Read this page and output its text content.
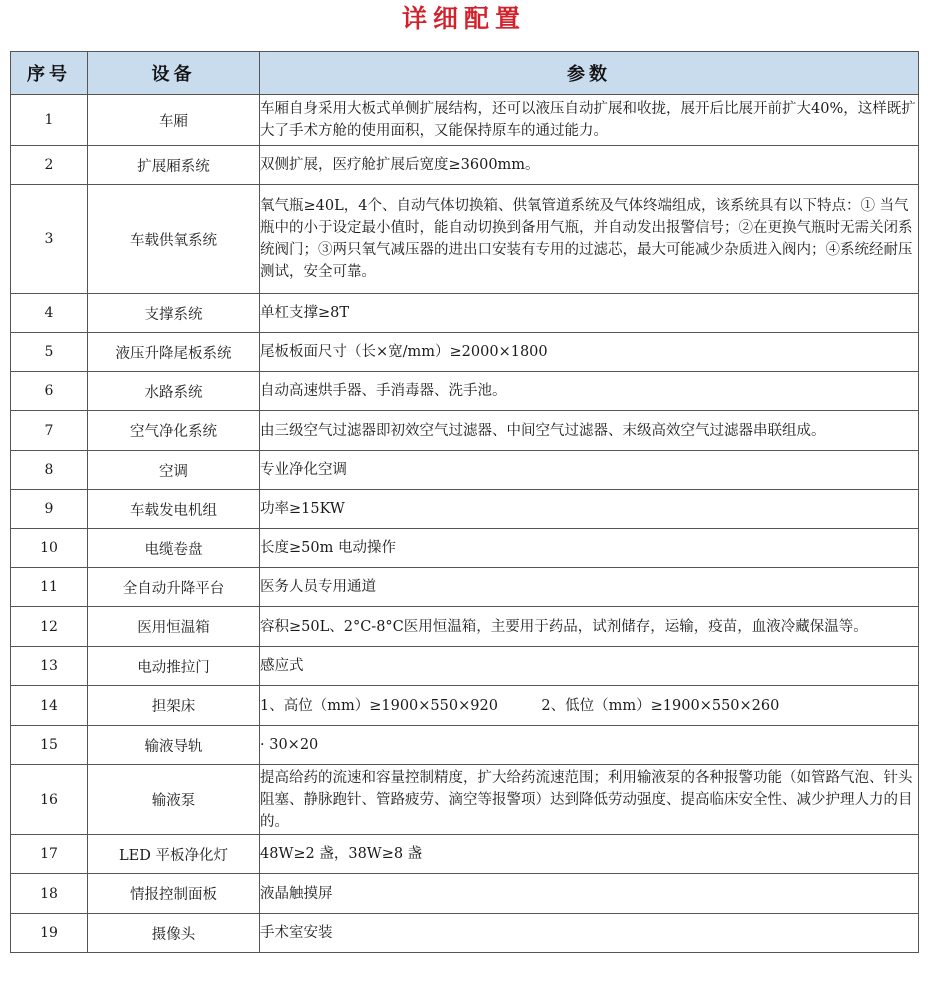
详细配置
序号	设备	参数
1	车厢	车厢自身采用大板式单侧扩展结构，还可以液压自动扩展和收拢，展开后比展开前扩大40%，这样既扩大了手术方舱的使用面积，又能保持原车的通过能力。
2	扩展厢系统	双侧扩展，医疗舱扩展后宽度≥3600mm。
3	车载供氧系统	氧气瓶≥40L，4个、自动气体切换箱、供氧管道系统及气体终端组成，该系统具有以下特点：① 当气瓶中的小于设定最小值时，能自动切换到备用气瓶，并自动发出报警信号；②在更换气瓶时无需关闭系统阀门；③两只氧气减压器的进出口安装有专用的过滤芯，最大可能减少杂质进入阀内；④系统经耐压测试，安全可靠。
4	支撑系统	单杠支撑≥8T
5	液压升降尾板系统	尾板板面尺寸（长×宽/mm）≥2000×1800
6	水路系统	自动高速烘手器、手消毒器、洗手池。
7	空气净化系统	由三级空气过滤器即初效空气过滤器、中间空气过滤器、末级高效空气过滤器串联组成。
8	空调	专业净化空调
9	车载发电机组	功率≥15KW
10	电缆卷盘	长度≥50m 电动操作
11	全自动升降平台	医务人员专用通道
12	医用恒温箱	容积≥50L、2°C-8°C医用恒温箱，主要用于药品，试剂储存，运输，疫苗，血液冷藏保温等。
13	电动推拉门	感应式
14	担架床	1、高位（mm）≥1900×550×920　　　2、低位（mm）≥1900×550×260
15	输液导轨	· 30×20
16	输液泵	提高给药的流速和容量控制精度，扩大给药流速范围；利用输液泵的各种报警功能（如管路气泡、针头阻塞、静脉跑针、管路疲劳、滴空等报警项）达到降低劳动强度、提高临床安全性、减少护理人力的目的。
17	LED 平板净化灯	48W≥2 盏，38W≥8 盏
18	情报控制面板	液晶触摸屏
19	摄像头	手术室安装
